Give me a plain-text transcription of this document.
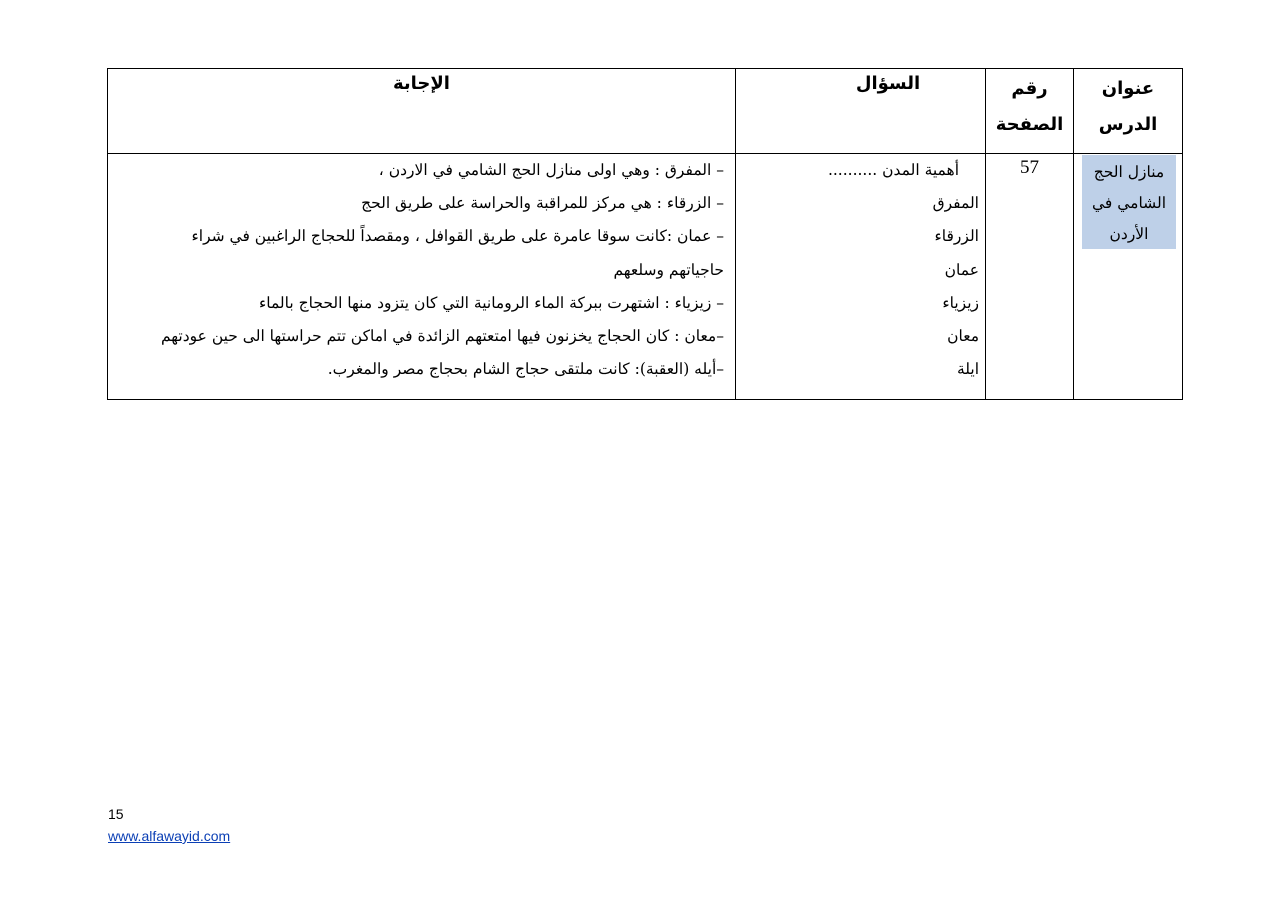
عنوان
الدرس
رقم
الصفحة
السؤال
الإجابة
منازل الحج
الشامي في
الأردن
57
أهمية المدن ..........
المفرق
الزرقاء
عمان
زيزياء
معان
ايلة
– المفرق : وهي اولى منازل الحج الشامي في الاردن ،
– الزرقاء : هي مركز للمراقبة والحراسة على طريق الحج
– عمان :كانت سوقا عامرة على طريق القوافل ، ومقصداً للحجاج الراغبين في شراء
حاجياتهم وسلعهم
– زيزياء : اشتهرت ببركة الماء الرومانية التي كان يتزود منها الحجاج بالماء
–معان : كان الحجاج يخزنون فيها امتعتهم الزائدة في اماكن تتم حراستها الى حين عودتهم
–أيله (العقبة): كانت ملتقى حجاج الشام بحجاج مصر والمغرب.
15
www.alfawayid.com
